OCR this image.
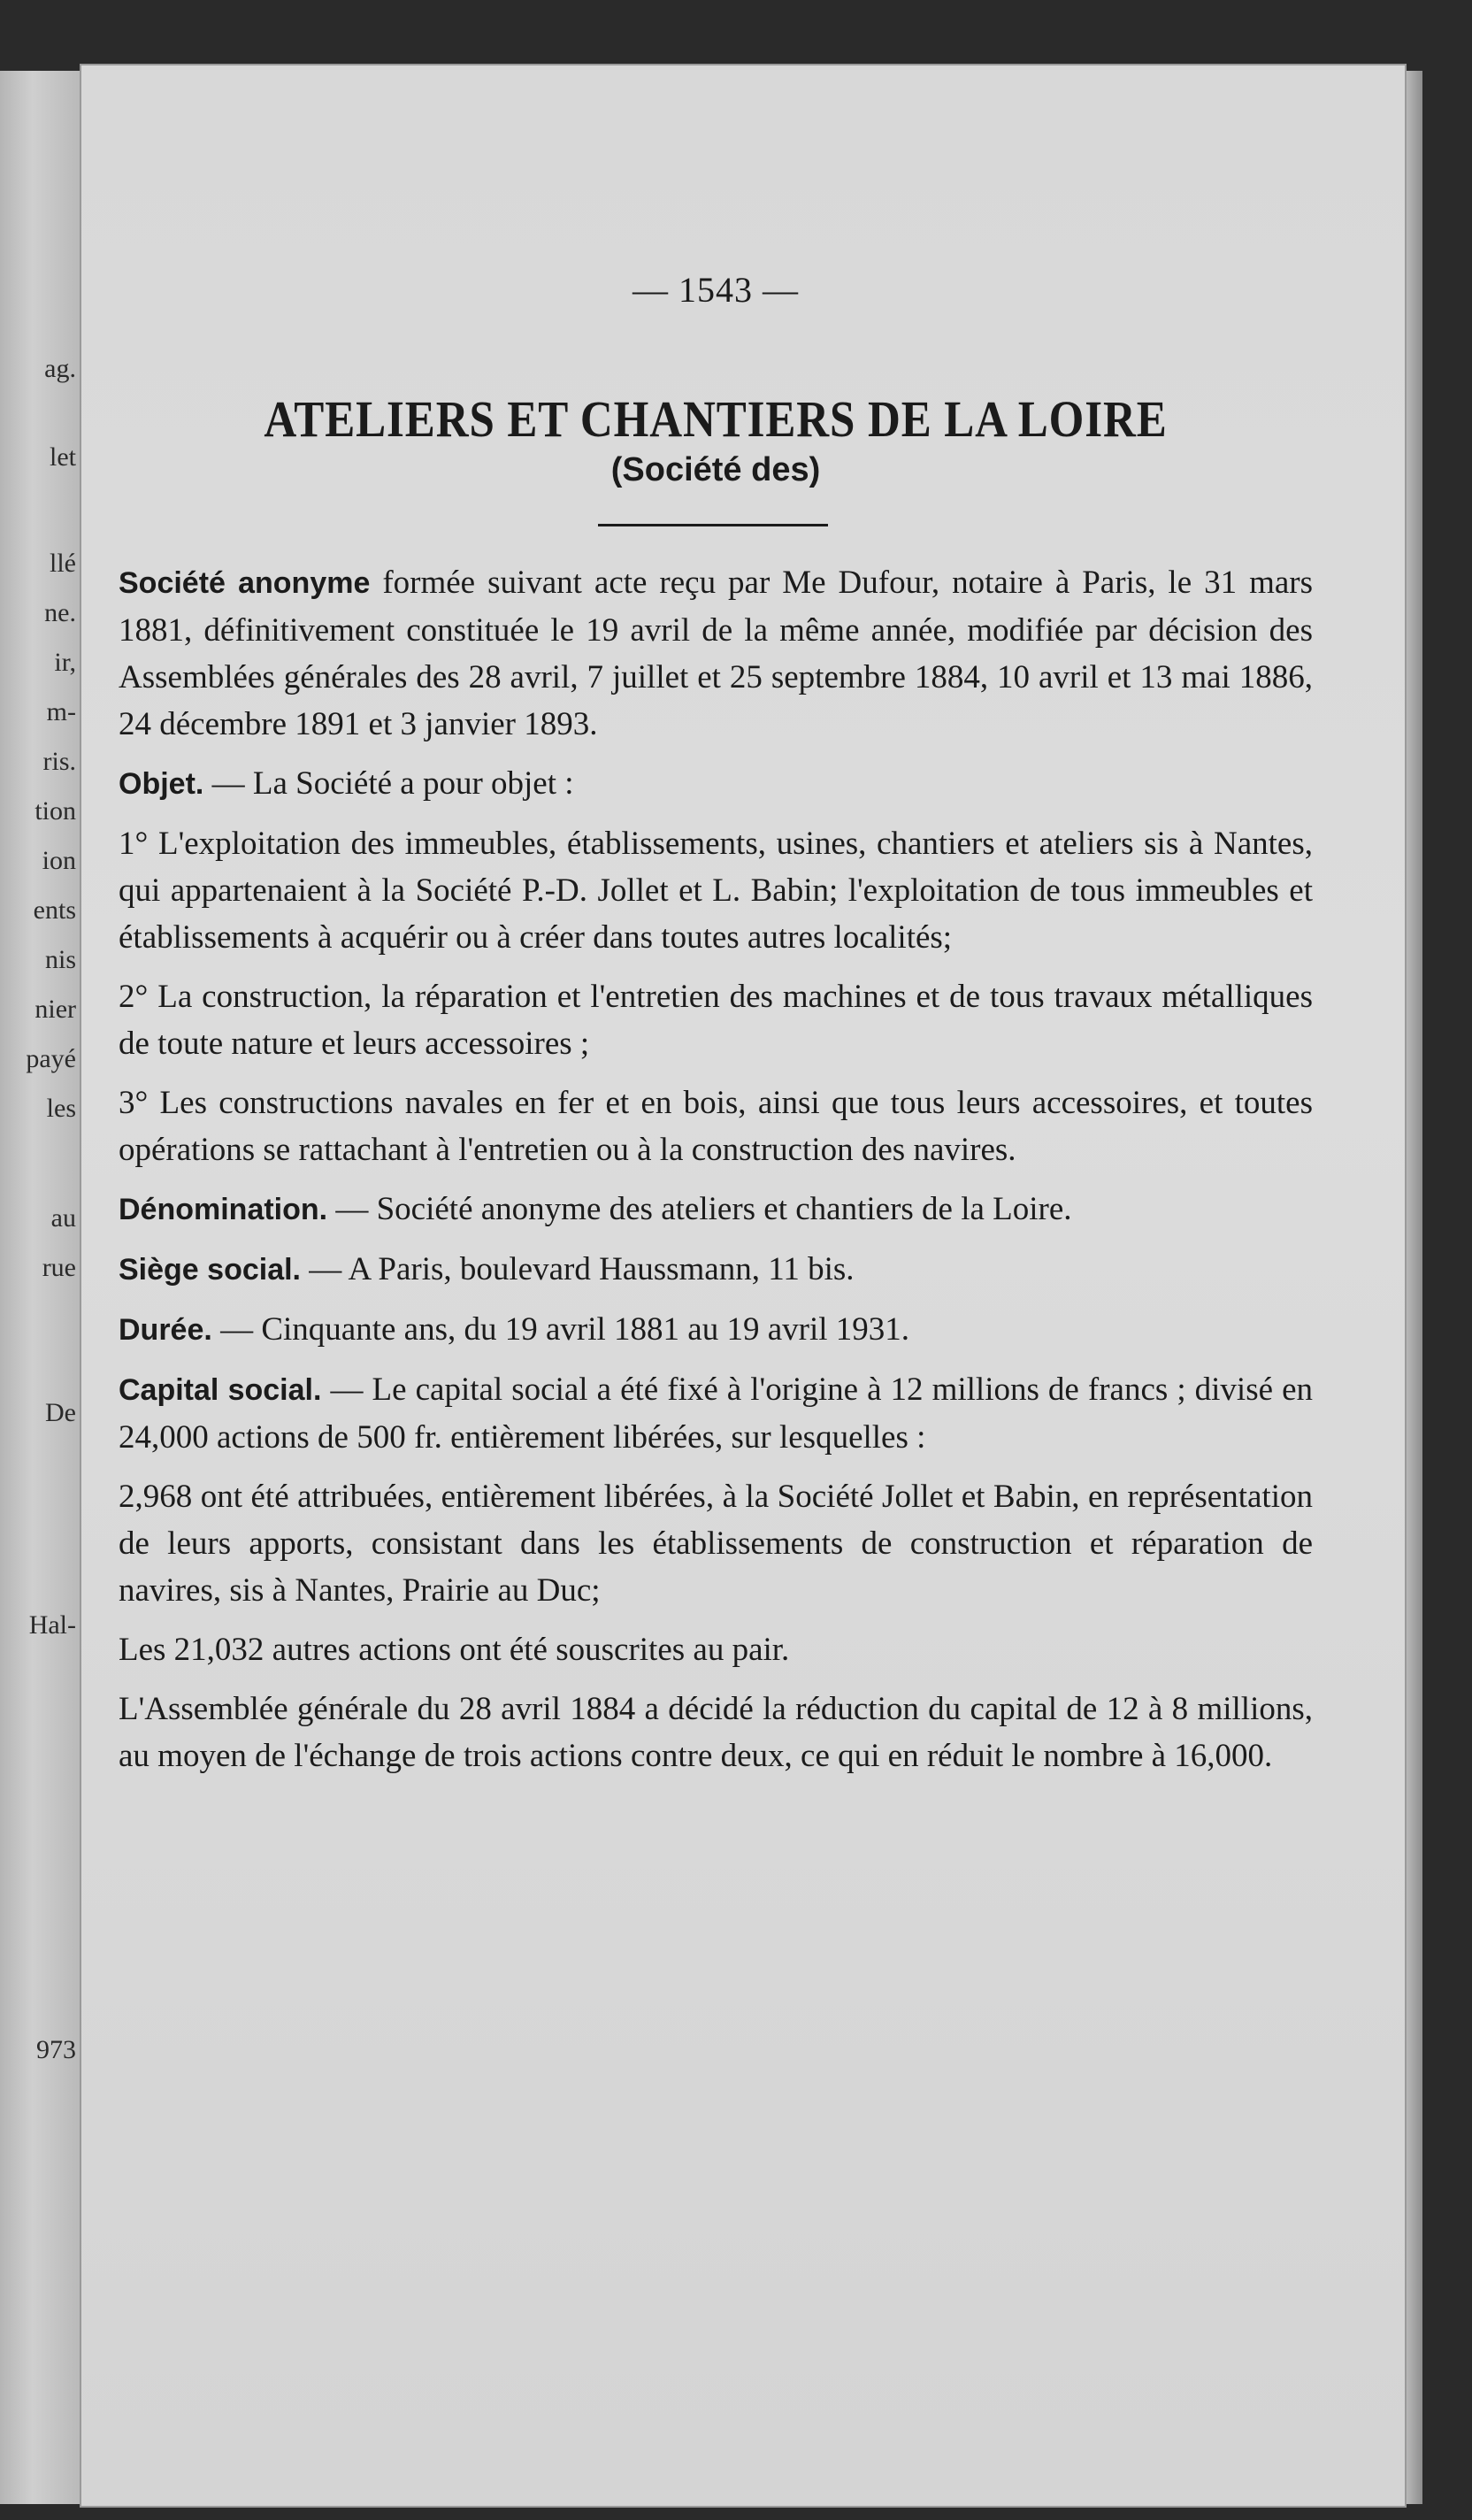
ag.
let
llé
ne.
ir,
m-
ris.
tion
ion
ents
nis
nier
payé
les
au
rue
De
Hal-
973
— 1543 —
ATELIERS ET CHANTIERS DE LA LOIRE
(Société des)

Société anonyme formée suivant acte reçu par Me Dufour, notaire à Paris, le 31 mars 1881, définitivement constituée le 19 avril de la même année, modifiée par décision des Assemblées générales des 28 avril, 7 juillet et 25 septembre 1884, 10 avril et 13 mai 1886, 24 décembre 1891 et 3 janvier 1893.

Objet. — La Société a pour objet :

1° L'exploitation des immeubles, établissements, usines, chantiers et ateliers sis à Nantes, qui appartenaient à la Société P.-D. Jollet et L. Babin; l'exploitation de tous immeubles et établissements à acquérir ou à créer dans toutes autres localités;

2° La construction, la réparation et l'entretien des machines et de tous travaux métalliques de toute nature et leurs accessoires ;

3° Les constructions navales en fer et en bois, ainsi que tous leurs accessoires, et toutes opérations se rattachant à l'entretien ou à la construction des navires.

Dénomination. — Société anonyme des ateliers et chantiers de la Loire.

Siège social. — A Paris, boulevard Haussmann, 11 bis.

Durée. — Cinquante ans, du 19 avril 1881 au 19 avril 1931.

Capital social. — Le capital social a été fixé à l'origine à 12 millions de francs ; divisé en 24,000 actions de 500 fr. entièrement libérées, sur lesquelles :

2,968 ont été attribuées, entièrement libérées, à la Société Jollet et Babin, en représentation de leurs apports, consistant dans les établissements de construction et réparation de navires, sis à Nantes, Prairie au Duc;

Les 21,032 autres actions ont été souscrites au pair.

L'Assemblée générale du 28 avril 1884 a décidé la réduction du capital de 12 à 8 millions, au moyen de l'échange de trois actions contre deux, ce qui en réduit le nombre à 16,000.
